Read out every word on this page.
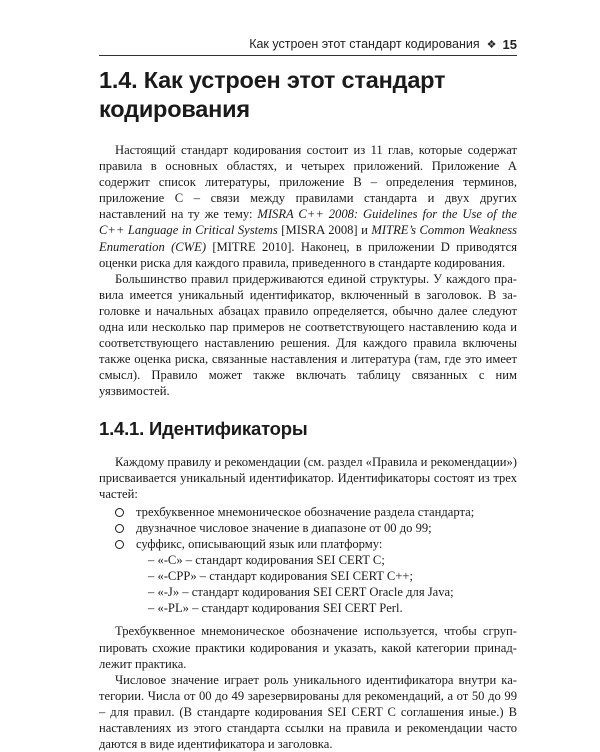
Как устроен этот стандарт кодирования ❖ 15
1.4. Как устроен этот стандарт
кодирования

Настоящий стандарт кодирования состоит из 11 глав, которые содержат правила в основных областях, и четырех приложений. Приложение А содержит список литературы, приложение В – определения терминов, приложение С – связи между правилами стандарта и двух других наставлений на ту же тему: MISRA C++ 2008: Guidelines for the Use of the C++ Language in Critical Systems [MISRA 2008] и MITRE’s Common Weakness Enumeration (CWE) [MITRE 2010]. Наконец, в приложении D приводятся оценки риска для каждого правила, приведенного в стандарте кодирования.

Большинство правил придерживаются единой структуры. У каждого правила имеется уникальный идентификатор, включенный в заголовок. В заголовке и начальных абзацах правило определяется, обычно далее следуют одна или несколько пар примеров не соответствующего наставлению кода и соответствующего наставлению решения. Для каждого правила включены также оценка риска, связанные наставления и литература (там, где это имеет смысл). Правило может также включать таблицу связанных с ним уязвимостей.

1.4.1. Идентификаторы

Каждому правилу и рекомендации (см. раздел «Правила и рекомендации») присваивается уникальный идентификатор. Идентификаторы состоят из трех частей:

трехбуквенное мнемоническое обозначение раздела стандарта;
двузначное числовое значение в диапазоне от 00 до 99;
суффикс, описывающий язык или платформу:
– «-С» – стандарт кодирования SEI CERT C;
– «-CPP» – стандарт кодирования SEI CERT C++;
– «-J» – стандарт кодирования SEI CERT Oracle для Java;
– «-PL» – стандарт кодирования SEI CERT Perl.

Трехбуквенное мнемоническое обозначение используется, чтобы сгруппировать схожие практики кодирования и указать, какой категории принадлежит практика.

Числовое значение играет роль уникального идентификатора внутри категории. Числа от 00 до 49 зарезервированы для рекомендаций, а от 50 до 99 – для правил. (В стандарте кодирования SEI CERT C соглашения иные.) В наставлениях из этого стандарта ссылки на правила и рекомендации часто даются в виде идентификатора и заголовка.
